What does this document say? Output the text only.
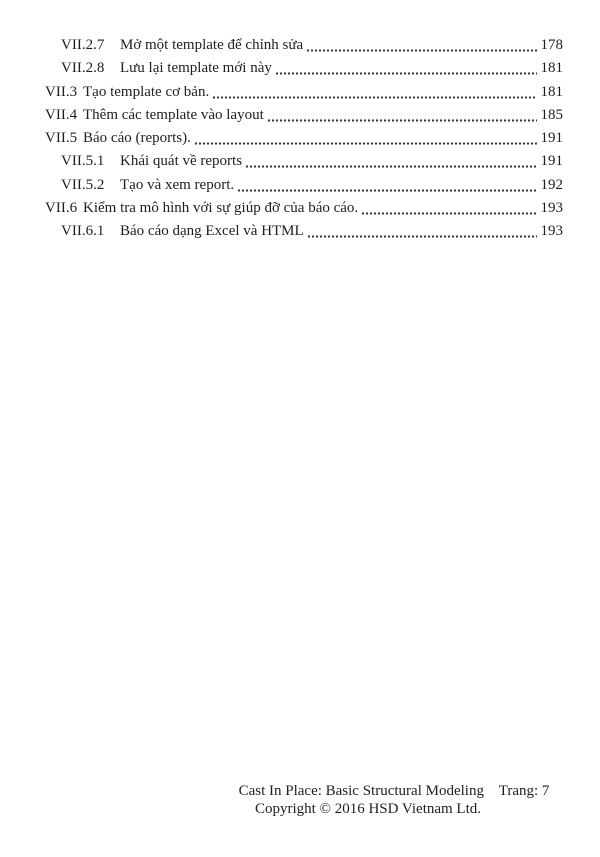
VII.2.7	Mở một template để chỉnh sửa	178
VII.2.8	Lưu lại template mới này	181
VII.3 Tạo template cơ bản.	181
VII.4 Thêm các template vào layout	185
VII.5 Báo cáo (reports).	191
VII.5.1	Khái quát về reports	191
VII.5.2	Tạo và xem report.	192
VII.6 Kiểm tra mô hình với sự giúp đỡ của báo cáo.	193
VII.6.1	Báo cáo dạng Excel và HTML	193
Cast In Place: Basic Structural Modeling Trang: 7
Copyright © 2016 HSD Vietnam Ltd.
